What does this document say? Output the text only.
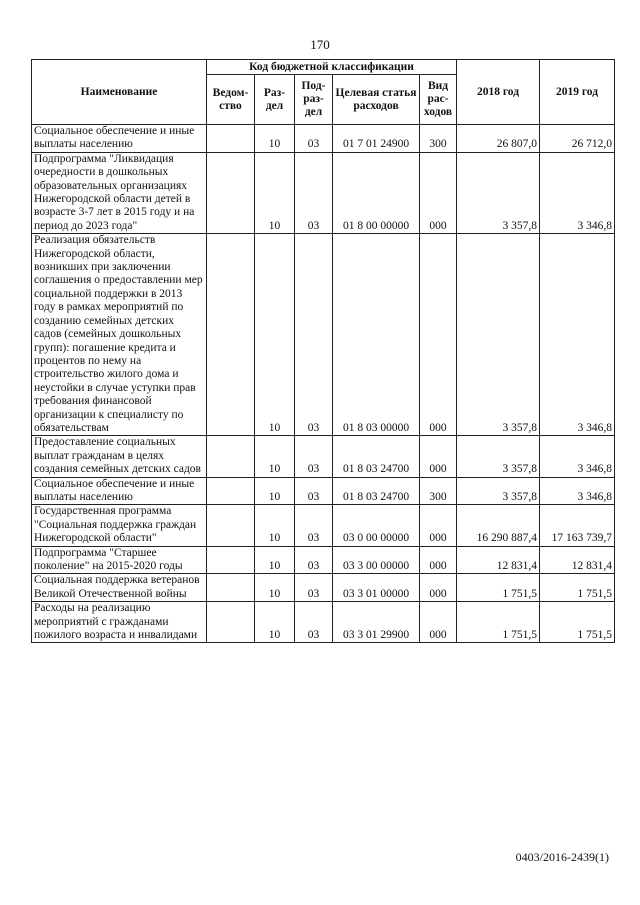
170
Наименование	Код бюджетной классификации					2018 год	2019 год
	Ведом-ство	Раз-дел	Под-раз-дел	Целевая статья расходов	Вид рас-ходов		
Социальное обеспечение и иные выплаты населению		10	03	01 7 01 24900	300	26 807,0	26 712,0
Подпрограмма "Ликвидация очередности в дошкольных образовательных организациях Нижегородской области детей в возрасте 3-7 лет в 2015 году и на период до 2023 года"		10	03	01 8 00 00000	000	3 357,8	3 346,8
Реализация обязательств Нижегородской области, возникших при заключении соглашения о предоставлении мер социальной поддержки в 2013 году в рамках мероприятий по созданию семейных детских садов (семейных дошкольных групп): погашение кредита и процентов по нему на строительство жилого дома и неустойки в случае уступки прав требования финансовой организации к специалисту по обязательствам		10	03	01 8 03 00000	000	3 357,8	3 346,8
Предоставление социальных выплат гражданам в целях создания семейных детских садов		10	03	01 8 03 24700	000	3 357,8	3 346,8
Социальное обеспечение и иные выплаты населению		10	03	01 8 03 24700	300	3 357,8	3 346,8
Государственная программа "Социальная поддержка граждан Нижегородской области"		10	03	03 0 00 00000	000	16 290 887,4	17 163 739,7
Подпрограмма "Старшее поколение" на 2015-2020 годы		10	03	03 3 00 00000	000	12 831,4	12 831,4
Социальная поддержка ветеранов Великой Отечественной войны		10	03	03 3 01 00000	000	1 751,5	1 751,5
Расходы на реализацию мероприятий с гражданами пожилого возраста и инвалидами		10	03	03 3 01 29900	000	1 751,5	1 751,5
0403/2016-2439(1)
